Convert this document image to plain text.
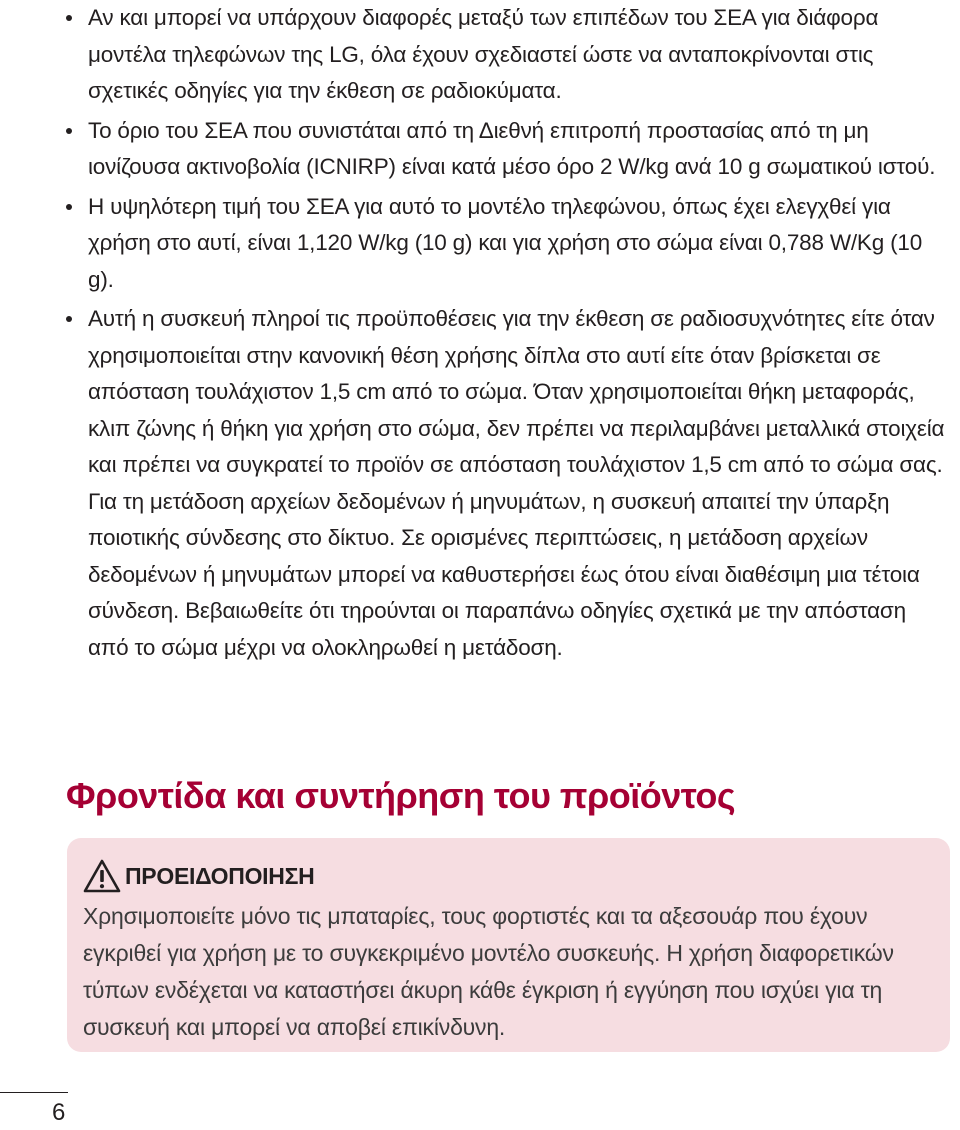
Αν και μπορεί να υπάρχουν διαφορές μεταξύ των επιπέδων του ΣΕΑ για διάφορα μοντέλα τηλεφώνων της LG, όλα έχουν σχεδιαστεί ώστε να ανταποκρίνονται στις σχετικές οδηγίες για την έκθεση σε ραδιοκύματα.
Το όριο του ΣΕΑ που συνιστάται από τη Διεθνή επιτροπή προστασίας από τη μη ιονίζουσα ακτινοβολία (ICNIRP) είναι κατά μέσο όρο 2 W/kg ανά 10 g σωματικού ιστού.
Η υψηλότερη τιμή του ΣΕΑ για αυτό το μοντέλο τηλεφώνου, όπως έχει ελεγχθεί για χρήση στο αυτί, είναι 1,120 W/kg (10 g) και για χρήση στο σώμα είναι 0,788 W/Kg (10 g).
Αυτή η συσκευή πληροί τις προϋποθέσεις για την έκθεση σε ραδιοσυχνότητες είτε όταν χρησιμοποιείται στην κανονική θέση χρήσης δίπλα στο αυτί είτε όταν βρίσκεται σε απόσταση τουλάχιστον 1,5 cm από το σώμα. Όταν χρησιμοποιείται θήκη μεταφοράς, κλιπ ζώνης ή θήκη για χρήση στο σώμα, δεν πρέπει να περιλαμβάνει μεταλλικά στοιχεία και πρέπει να συγκρατεί το προϊόν σε απόσταση τουλάχιστον 1,5 cm από το σώμα σας. Για τη μετάδοση αρχείων δεδομένων ή μηνυμάτων, η συσκευή απαιτεί την ύπαρξη ποιοτικής σύνδεσης στο δίκτυο. Σε ορισμένες περιπτώσεις, η μετάδοση αρχείων δεδομένων ή μηνυμάτων μπορεί να καθυστερήσει έως ότου είναι διαθέσιμη μια τέτοια σύνδεση. Βεβαιωθείτε ότι τηρούνται οι παραπάνω οδηγίες σχετικά με την απόσταση από το σώμα μέχρι να ολοκληρωθεί η μετάδοση.
Φροντίδα και συντήρηση του προϊόντος
ΠΡΟΕΙΔΟΠΟΙΗΣΗ
Χρησιμοποιείτε μόνο τις μπαταρίες, τους φορτιστές και τα αξεσουάρ που έχουν εγκριθεί για χρήση με το συγκεκριμένο μοντέλο συσκευής. Η χρήση διαφορετικών τύπων ενδέχεται να καταστήσει άκυρη κάθε έγκριση ή εγγύηση που ισχύει για τη συσκευή και μπορεί να αποβεί επικίνδυνη.
6
